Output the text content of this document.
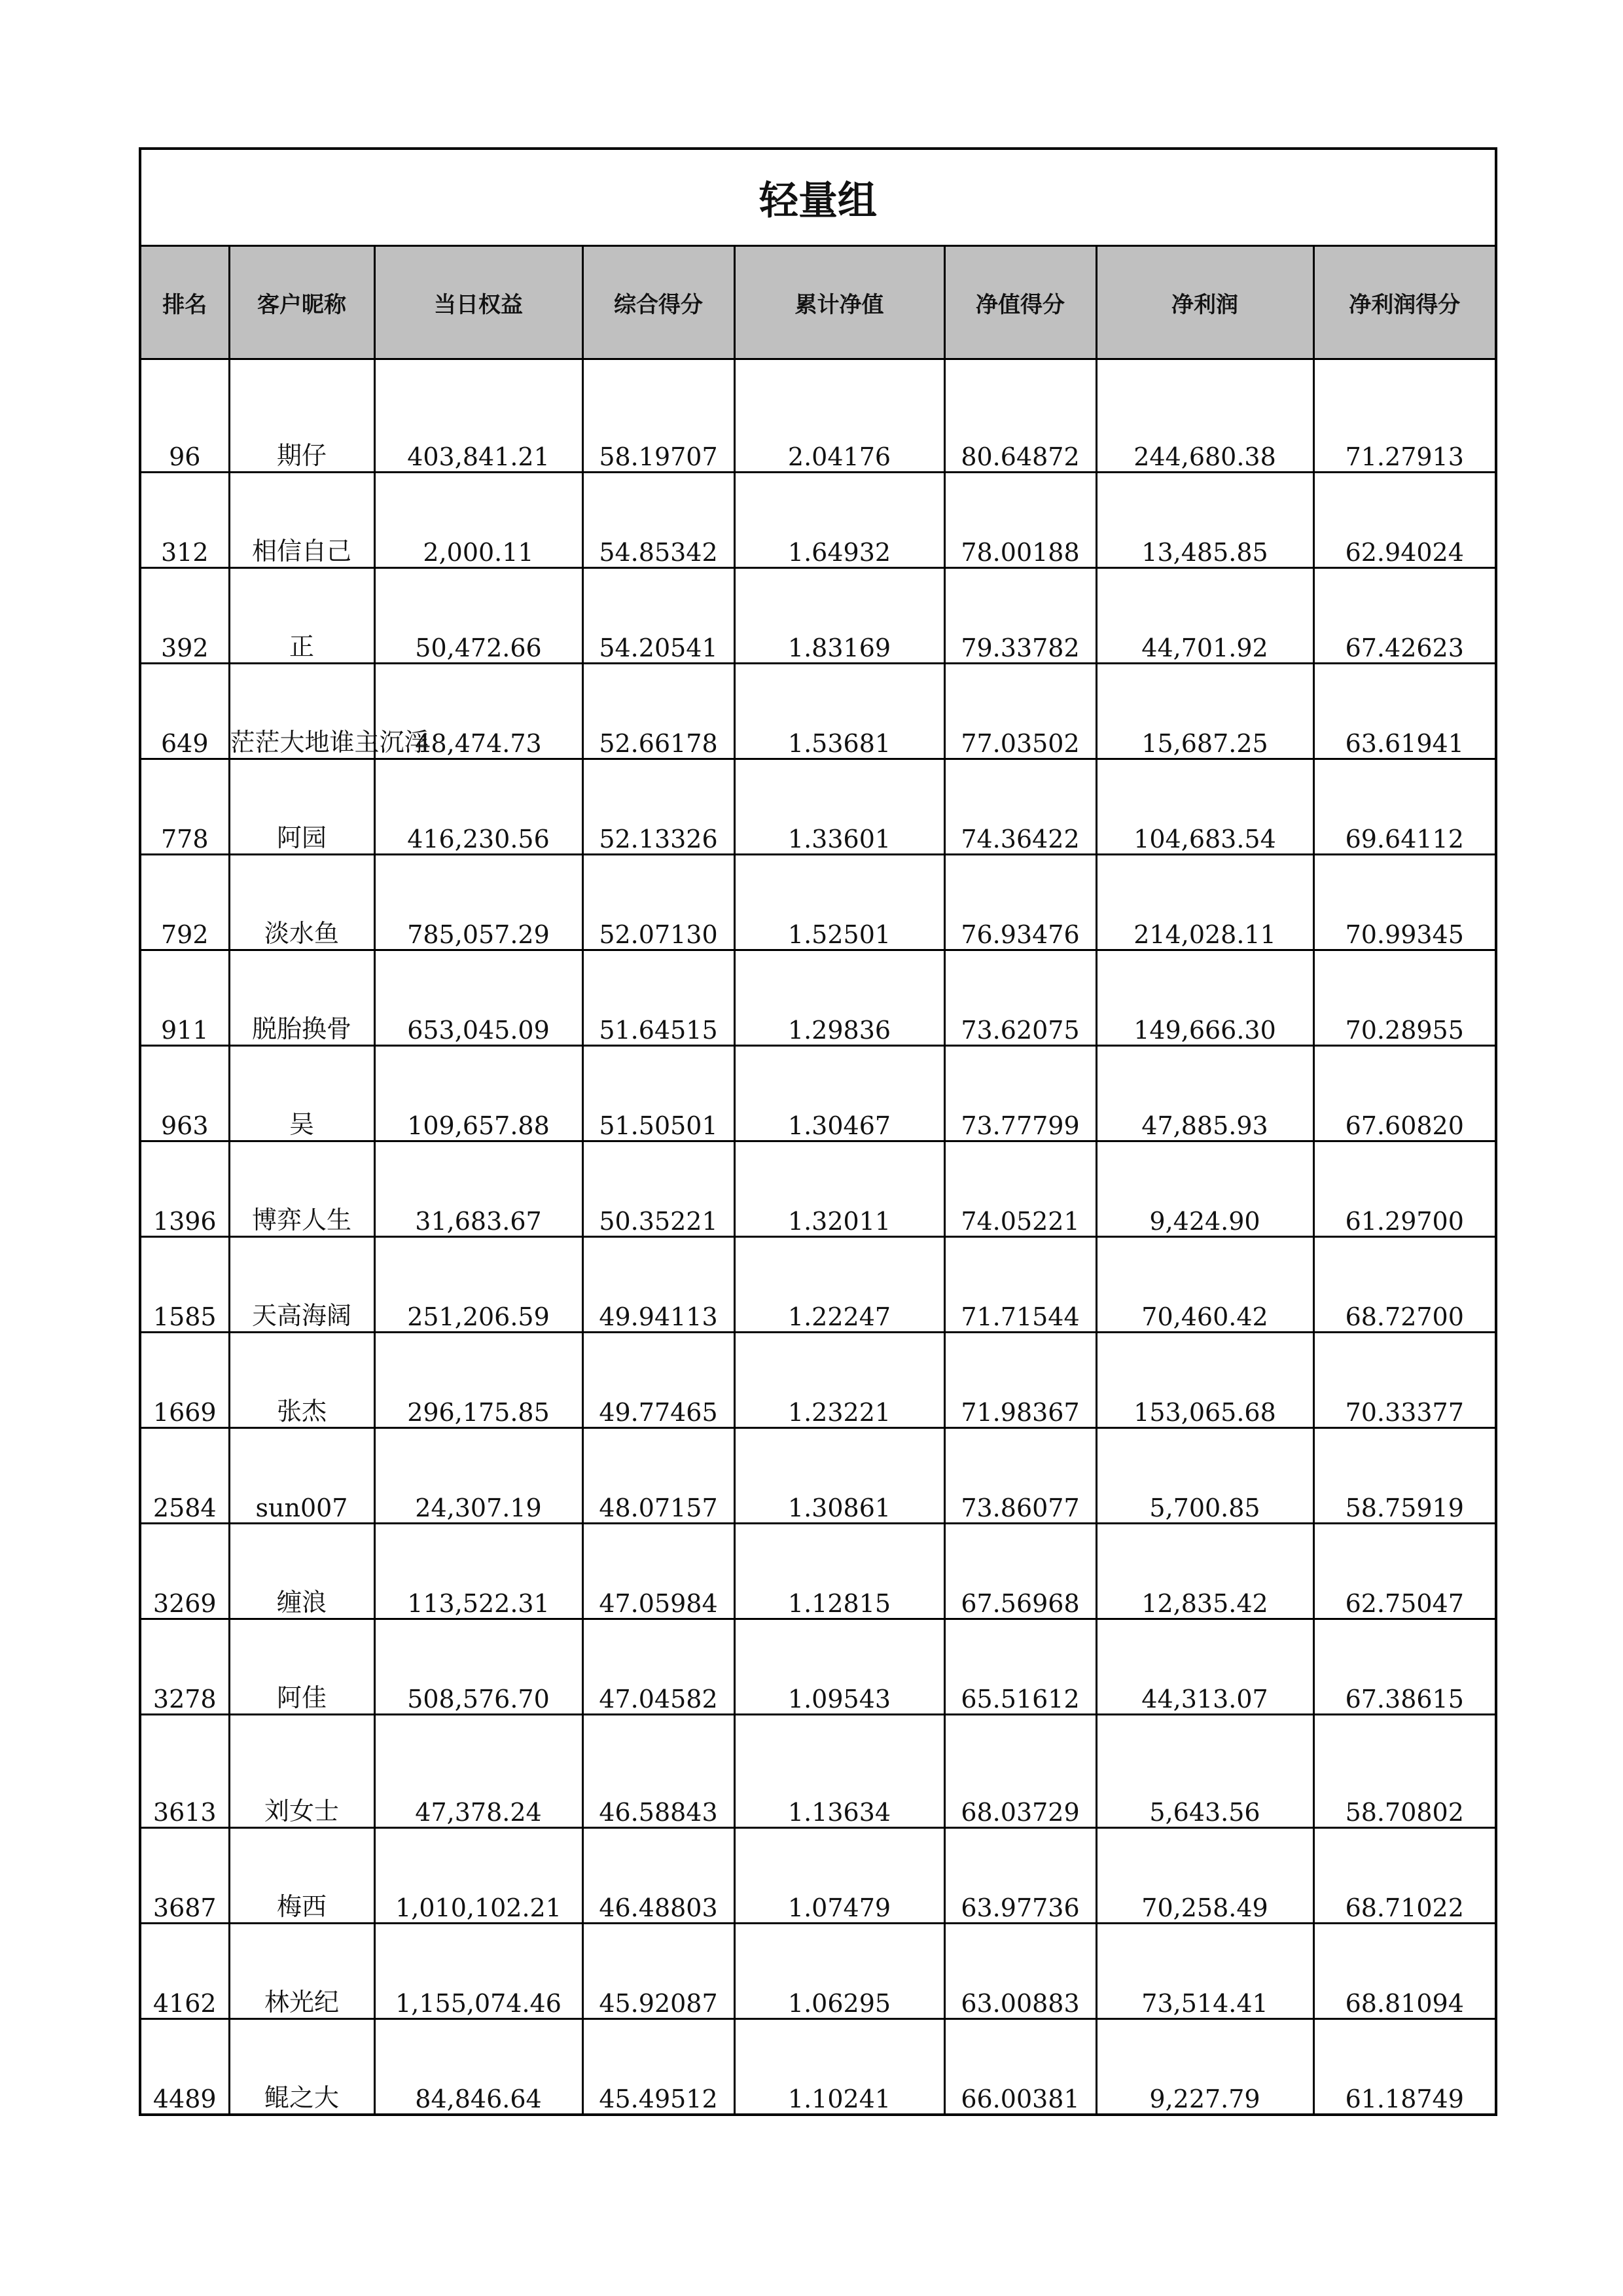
轻量组							
排名	客户昵称	当日权益	综合得分	累计净值	净值得分	净利润	净利润得分
96	期仔	403,841.21	58.19707	2.04176	80.64872	244,680.38	71.27913
312	相信自己	2,000.11	54.85342	1.64932	78.00188	13,485.85	62.94024
392	正	50,472.66	54.20541	1.83169	79.33782	44,701.92	67.42623
649	茫茫大地谁主沉浮	48,474.73	52.66178	1.53681	77.03502	15,687.25	63.61941
778	阿园	416,230.56	52.13326	1.33601	74.36422	104,683.54	69.64112
792	淡水鱼	785,057.29	52.07130	1.52501	76.93476	214,028.11	70.99345
911	脱胎换骨	653,045.09	51.64515	1.29836	73.62075	149,666.30	70.28955
963	吴	109,657.88	51.50501	1.30467	73.77799	47,885.93	67.60820
1396	博弈人生	31,683.67	50.35221	1.32011	74.05221	9,424.90	61.29700
1585	天高海阔	251,206.59	49.94113	1.22247	71.71544	70,460.42	68.72700
1669	张杰	296,175.85	49.77465	1.23221	71.98367	153,065.68	70.33377
2584	sun007	24,307.19	48.07157	1.30861	73.86077	5,700.85	58.75919
3269	缠浪	113,522.31	47.05984	1.12815	67.56968	12,835.42	62.75047
3278	阿佳	508,576.70	47.04582	1.09543	65.51612	44,313.07	67.38615
3613	刘女士	47,378.24	46.58843	1.13634	68.03729	5,643.56	58.70802
3687	梅西	1,010,102.21	46.48803	1.07479	63.97736	70,258.49	68.71022
4162	林光纪	1,155,074.46	45.92087	1.06295	63.00883	73,514.41	68.81094
4489	鲲之大	84,846.64	45.49512	1.10241	66.00381	9,227.79	61.18749
